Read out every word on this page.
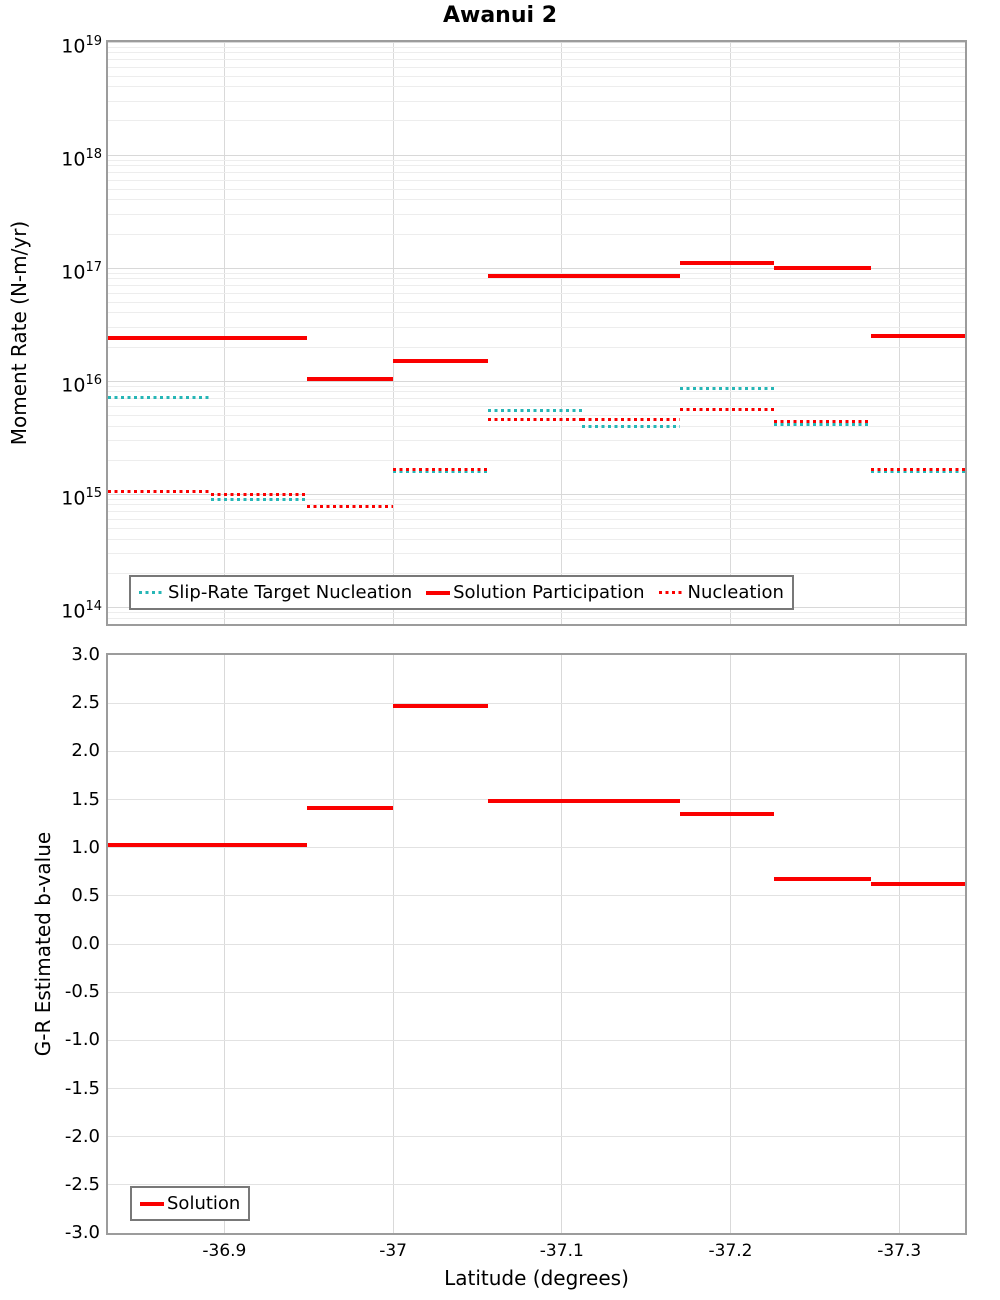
Awanui 2
Moment Rate (N-m/yr)
G-R Estimated b-value
Latitude (degrees)
$10^{19}$
$10^{18}$
$10^{17}$
$10^{16}$
$10^{15}$
$10^{14}$
3.0
2.5
2.0
1.5
1.0
0.5
0.0
-0.5
-1.0
-1.5
-2.0
-2.5
-3.0
-36.9	-37	-37.1	-37.2	-37.3
Slip-Rate Target Nucleation Solution Participation Nucleation
Solution
